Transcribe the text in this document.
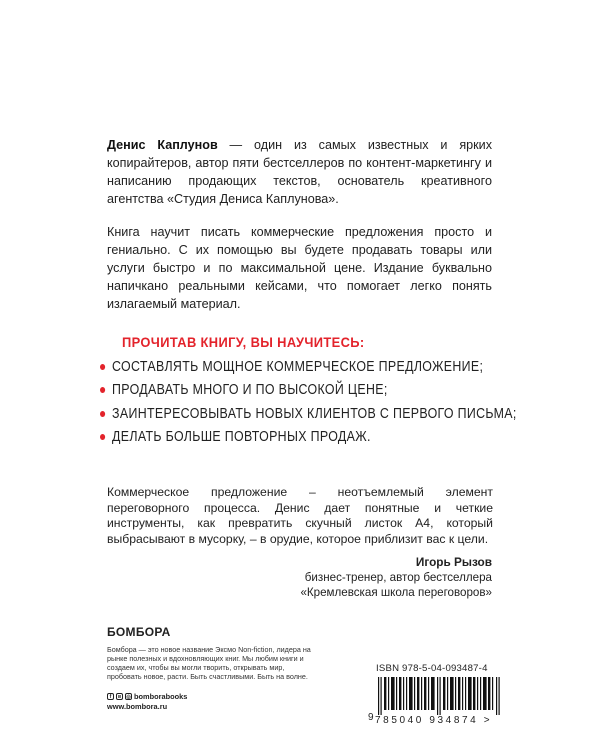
Денис Каплунов — один из самых известных и ярких копирайтеров, автор пяти бестселлеров по контент-маркетингу и написанию продающих текстов, основатель креативного агентства «Студия Дениса Каплунова».

Книга научит писать коммерческие предложения просто и гениально. С их помощью вы будете продавать товары или услуги быстро и по максимальной цене. Издание буквально напичкано реальными кейсами, что помогает легко понять излагаемый материал.

ПРОЧИТАВ КНИГУ, ВЫ НАУЧИТЕСЬ:
СОСТАВЛЯТЬ МОЩНОЕ КОММЕРЧЕСКОЕ ПРЕДЛОЖЕНИЕ;
ПРОДАВАТЬ МНОГО И ПО ВЫСОКОЙ ЦЕНЕ;
ЗАИНТЕРЕСОВЫВАТЬ НОВЫХ КЛИЕНТОВ С ПЕРВОГО ПИСЬМА;
ДЕЛАТЬ БОЛЬШЕ ПОВТОРНЫХ ПРОДАЖ.

Коммерческое предложение – неотъемлемый элемент переговорного процесса. Денис дает понятные и четкие инструменты, как превратить скучный листок А4, который выбрасывают в мусорку, – в орудие, которое приблизит вас к цели.

Игорь Рызов
бизнес-тренер, автор бестселлера
«Кремлевская школа переговоров»
БОМБОРА
Бомбора — это новое название Эксмо Non-fiction, лидера на рынке полезных и вдохновляющих книг. Мы любим книги и создаем их, чтобы вы могли творить, открывать мир, пробовать новое, расти. Быть счастливыми. Быть на волне.
f	в	◎ bomborabooks
www.bombora.ru
ISBN 978-5-04-093487-4
9 785040 934874 >
